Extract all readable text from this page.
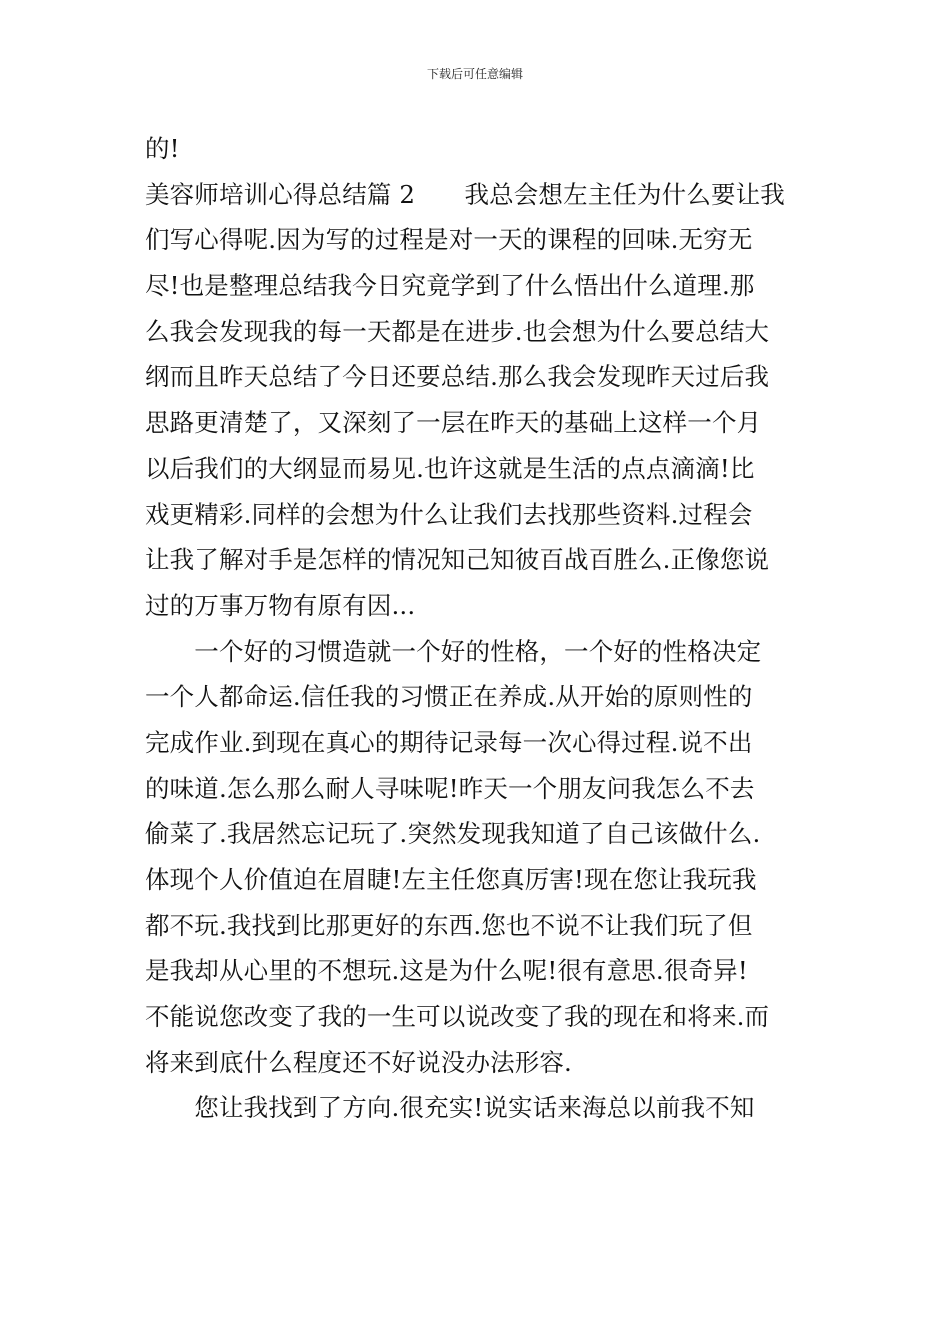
下载后可任意编辑
的!
美容师培训心得总结篇 2　　我总会想左主任为什么要让我
们写心得呢.因为写的过程是对一天的课程的回味.无穷无
尽!也是整理总结我今日究竟学到了什么悟出什么道理.那
么我会发现我的每一天都是在进步.也会想为什么要总结大
纲而且昨天总结了今日还要总结.那么我会发现昨天过后我
思路更清楚了，又深刻了一层在昨天的基础上这样一个月
以后我们的大纲显而易见.也许这就是生活的点点滴滴!比
戏更精彩.同样的会想为什么让我们去找那些资料.过程会
让我了解对手是怎样的情况知己知彼百战百胜么.正像您说
过的万事万物有原有因...
　　一个好的习惯造就一个好的性格，一个好的性格决定
一个人都命运.信任我的习惯正在养成.从开始的原则性的
完成作业.到现在真心的期待记录每一次心得过程.说不出
的味道.怎么那么耐人寻味呢!昨天一个朋友问我怎么不去
偷菜了.我居然忘记玩了.突然发现我知道了自己该做什么.
体现个人价值迫在眉睫!左主任您真厉害!现在您让我玩我
都不玩.我找到比那更好的东西.您也不说不让我们玩了但
是我却从心里的不想玩.这是为什么呢!很有意思.很奇异!
不能说您改变了我的一生可以说改变了我的现在和将来.而
将来到底什么程度还不好说没办法形容.
　　您让我找到了方向.很充实!说实话来海总以前我不知
